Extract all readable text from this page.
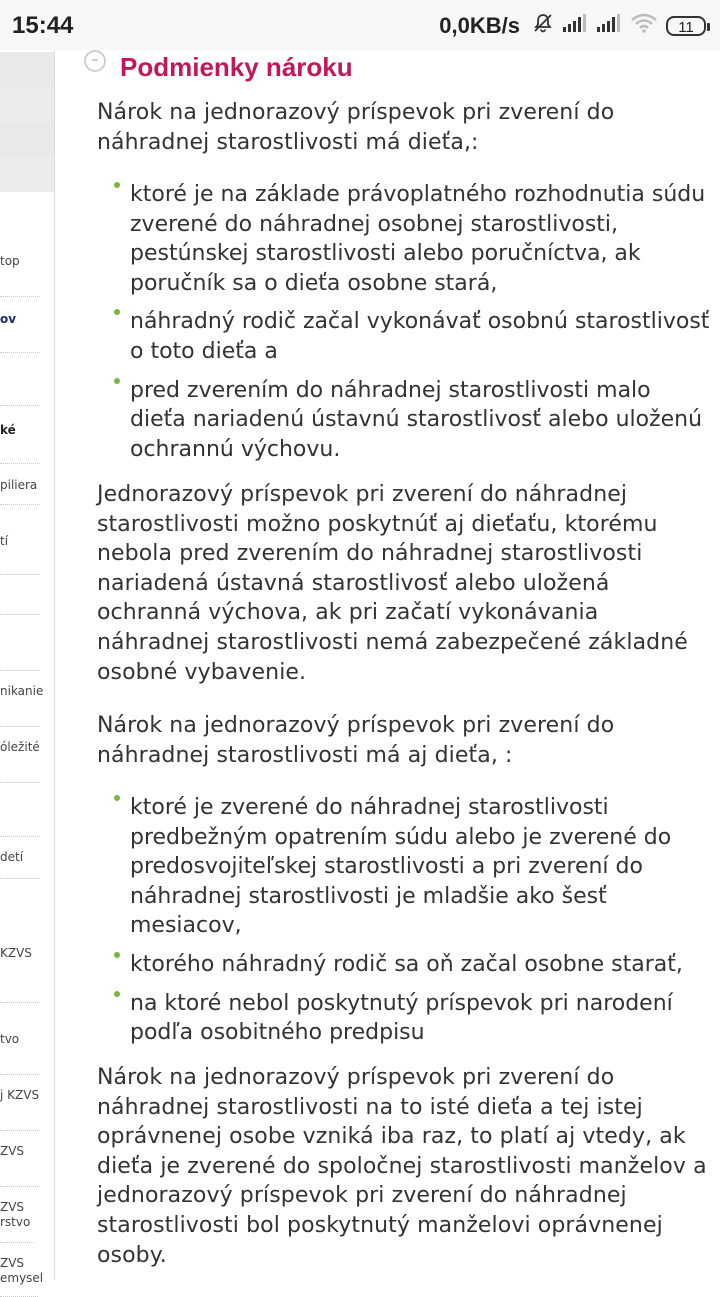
15:44	0,0KB/s	11
top
ov
ké
piliera
tí
nikanie
óležité
detí
KZVS
tvo
j KZVS
ZVS
ZVS rstvo
ZVS emysel
– Podmienky nároku

Nárok na jednorazový príspevok pri zverení do náhradnej starostlivosti má dieťa,:

ktoré je na základe právoplatného rozhodnutia súdu zverené do náhradnej osobnej starostlivosti, pestúnskej starostlivosti alebo poručníctva, ak poručník sa o dieťa osobne stará,
náhradný rodič začal vykonávať osobnú starostlivosť o toto dieťa a
pred zverením do náhradnej starostlivosti malo dieťa nariadenú ústavnú starostlivosť alebo uloženú ochrannú výchovu.

Jednorazový príspevok pri zverení do náhradnej starostlivosti možno poskytnúť aj dieťaťu, ktorému nebola pred zverením do náhradnej starostlivosti nariadená ústavná starostlivosť alebo uložená ochranná výchova, ak pri začatí vykonávania náhradnej starostlivosti nemá zabezpečené základné osobné vybavenie.

Nárok na jednorazový príspevok pri zverení do náhradnej starostlivosti má aj dieťa, :

ktoré je zverené do náhradnej starostlivosti predbežným opatrením súdu alebo je zverené do predosvojiteľskej starostlivosti a pri zverení do náhradnej starostlivosti je mladšie ako šesť mesiacov,
ktorého náhradný rodič sa oň začal osobne starať,
na ktoré nebol poskytnutý príspevok pri narodení podľa osobitného predpisu

Nárok na jednorazový príspevok pri zverení do náhradnej starostlivosti na to isté dieťa a tej istej oprávnenej osobe vzniká iba raz, to platí aj vtedy, ak dieťa je zverené do spoločnej starostlivosti manželov a jednorazový príspevok pri zverení do náhradnej starostlivosti bol poskytnutý manželovi oprávnenej osoby.
